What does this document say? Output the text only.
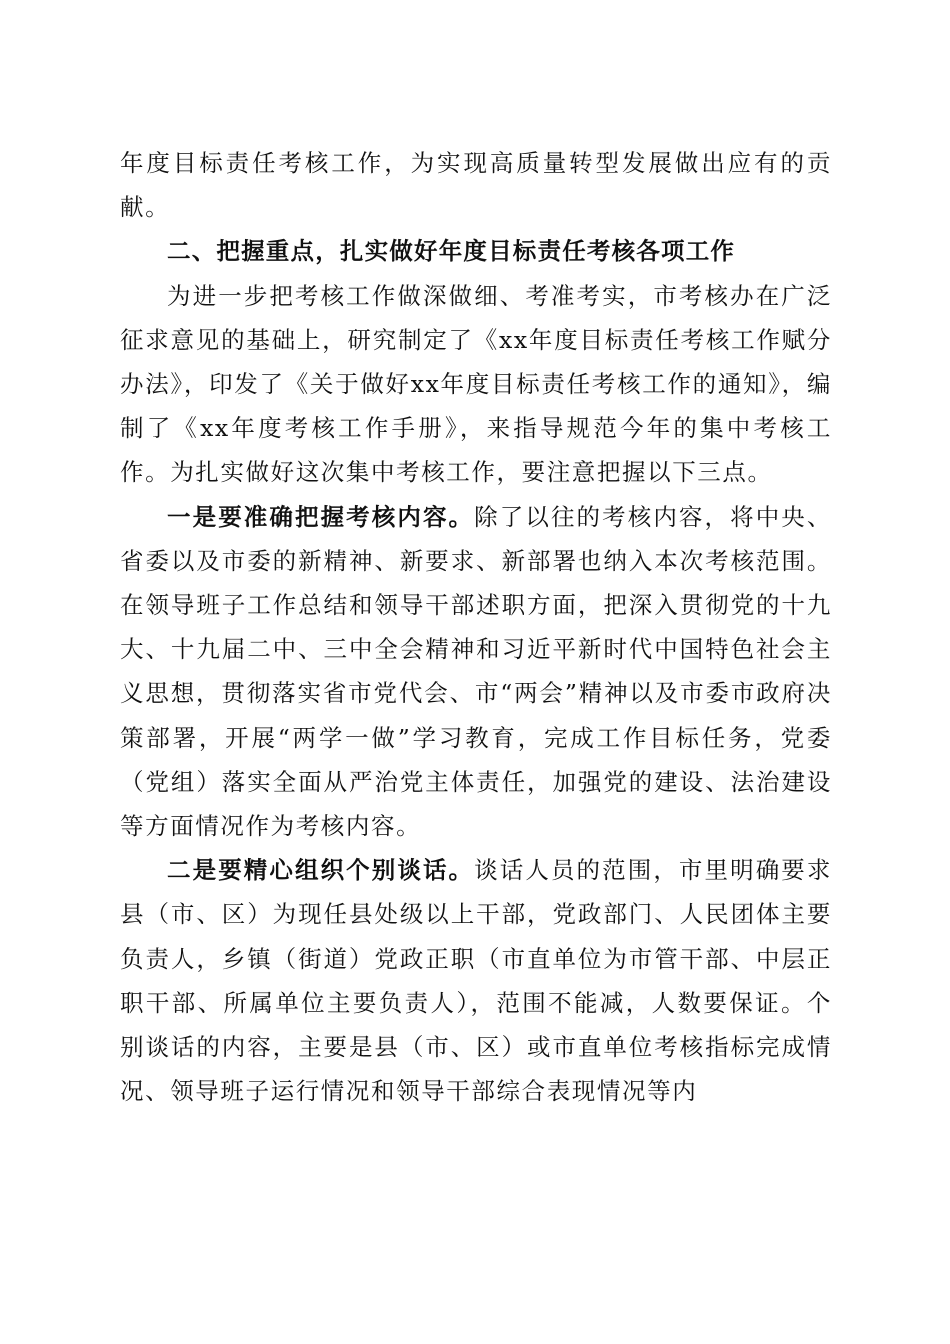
年度目标责任考核工作，为实现高质量转型发展做出应有的贡献。

二、把握重点，扎实做好年度目标责任考核各项工作

为进一步把考核工作做深做细、考准考实，市考核办在广泛征求意见的基础上，研究制定了《xx年度目标责任考核工作赋分办法》，印发了《关于做好xx年度目标责任考核工作的通知》，编制了《xx年度考核工作手册》，来指导规范今年的集中考核工作。为扎实做好这次集中考核工作，要注意把握以下三点。

一是要准确把握考核内容。除了以往的考核内容，将中央、省委以及市委的新精神、新要求、新部署也纳入本次考核范围。在领导班子工作总结和领导干部述职方面，把深入贯彻党的十九大、十九届二中、三中全会精神和习近平新时代中国特色社会主义思想，贯彻落实省市党代会、市“两会”精神以及市委市政府决策部署，开展“两学一做”学习教育，完成工作目标任务，党委（党组）落实全面从严治党主体责任，加强党的建设、法治建设等方面情况作为考核内容。

二是要精心组织个别谈话。谈话人员的范围，市里明确要求县（市、区）为现任县处级以上干部，党政部门、人民团体主要负责人，乡镇（街道）党政正职（市直单位为市管干部、中层正职干部、所属单位主要负责人），范围不能减，人数要保证。个别谈话的内容，主要是县（市、区）或市直单位考核指标完成情况、领导班子运行情况和领导干部综合表现情况等内
